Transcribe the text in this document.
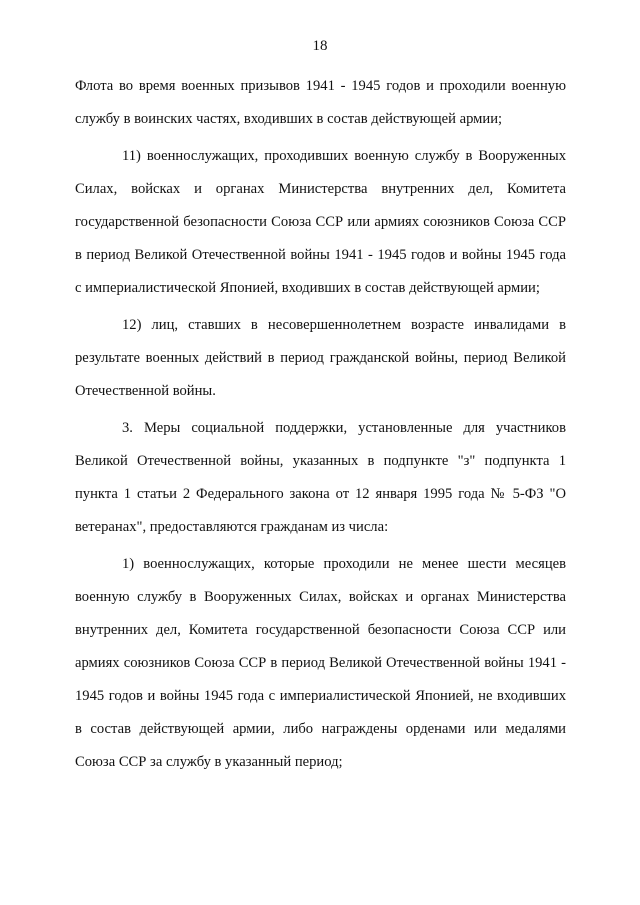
18

Флота во время военных призывов 1941 - 1945 годов и проходили военную службу в воинских частях, входивших в состав действующей армии;

11) военнослужащих, проходивших военную службу в Вооруженных Силах, войсках и органах Министерства внутренних дел, Комитета государственной безопасности Союза ССР или армиях союзников Союза ССР в период Великой Отечественной войны 1941 - 1945 годов и войны 1945 года с империалистической Японией, входивших в состав действующей армии;

12) лиц, ставших в несовершеннолетнем возрасте инвалидами в результате военных действий в период гражданской войны, период Великой Отечественной войны.

3. Меры социальной поддержки, установленные для участников Великой Отечественной войны, указанных в подпункте "з" подпункта 1 пункта 1 статьи 2 Федерального закона от 12 января 1995 года № 5-ФЗ "О ветеранах", предоставляются гражданам из числа:

1) военнослужащих, которые проходили не менее шести месяцев военную службу в Вооруженных Силах, войсках и органах Министерства внутренних дел, Комитета государственной безопасности Союза ССР или армиях союзников Союза ССР в период Великой Отечественной войны 1941 - 1945 годов и войны 1945 года с империалистической Японией, не входивших в состав действующей армии, либо награждены орденами или медалями Союза ССР за службу в указанный период;
